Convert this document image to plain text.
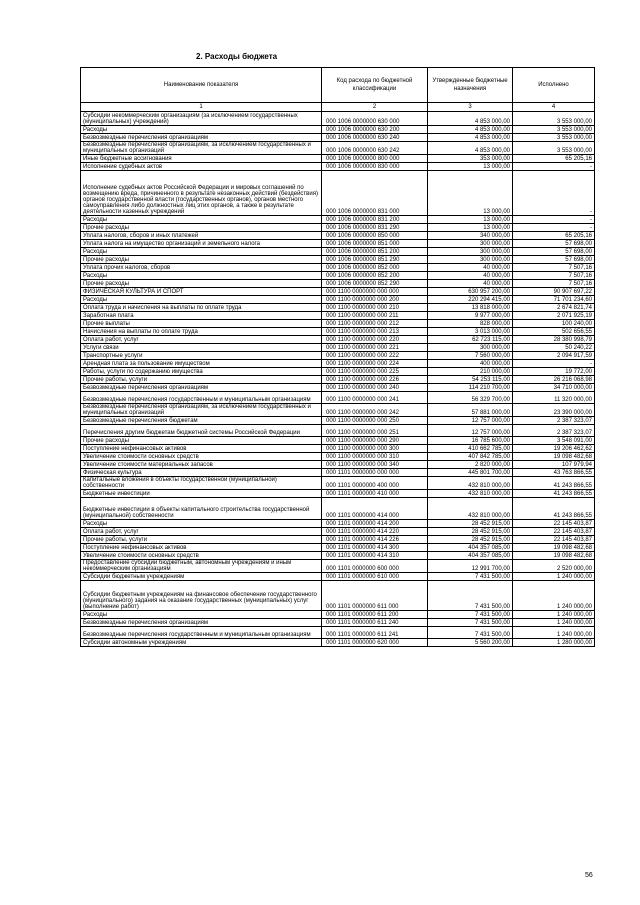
2. Расходы бюджета
Наименование показателя	Код расхода по бюджетной классификации	Утвержденные бюджетные назначения	Исполнено
1	2	3	4
Субсидии некоммерческим организациям (за исключением государственных (муниципальных) учреждений)	000 1006 0000000 630 000	4 853 000,00	3 553 000,00
Расходы	000 1006 0000000 630 200	4 853 000,00	3 553 000,00
Безвозмездные перечисления организациям	000 1006 0000000 630 240	4 853 000,00	3 553 000,00
Безвозмездные перечисления организациям, за исключением государственных и муниципальных организаций	000 1006 0000000 630 242	4 853 000,00	3 553 000,00
Иные бюджетные ассигнования	000 1006 0000000 800 000	353 000,00	65 205,16
Исполнение судебных актов	000 1006 0000000 830 000	13 000,00	-
Исполнение судебных актов Российской Федерации и мировых соглашений по возмещению вреда, причиненного в результате незаконных действий (бездействия) органов государственной власти (государственных органов), органов местного самоуправления либо должностных лиц этих органов, а также в результате деятельности казенных учреждений	000 1006 0000000 831 000	13 000,00	-
Расходы	000 1006 0000000 831 200	13 000,00	-
Прочие расходы	000 1006 0000000 831 290	13 000,00	-
Уплата налогов, сборов и иных платежей	000 1006 0000000 850 000	340 000,00	65 205,16
Уплата налога на имущество организаций и земельного налога	000 1006 0000000 851 000	300 000,00	57 698,00
Расходы	000 1006 0000000 851 200	300 000,00	57 698,00
Прочие расходы	000 1006 0000000 851 290	300 000,00	57 698,00
Уплата прочих налогов, сборов	000 1006 0000000 852 000	40 000,00	7 507,16
Расходы	000 1006 0000000 852 200	40 000,00	7 507,16
Прочие расходы	000 1006 0000000 852 290	40 000,00	7 507,16
ФИЗИЧЕСКАЯ КУЛЬТУРА И СПОРТ	000 1100 0000000 000 000	630 957 200,00	90 907 697,22
Расходы	000 1100 0000000 000 200	220 294 415,00	71 701 234,60
Оплата труда и начисления на выплаты по оплате труда	000 1100 0000000 000 210	13 818 000,00	2 674 821,74
Заработная плата	000 1100 0000000 000 211	9 977 000,00	2 071 925,19
Прочие выплаты	000 1100 0000000 000 212	828 000,00	100 240,00
Начисления на выплаты по оплате труда	000 1100 0000000 000 213	3 013 000,00	502 656,55
Оплата работ, услуг	000 1100 0000000 000 220	62 723 115,00	28 380 998,79
Услуги связи	000 1100 0000000 000 221	300 000,00	50 240,22
Транспортные услуги	000 1100 0000000 000 222	7 560 000,00	2 094 917,59
Арендная плата за пользование имуществом	000 1100 0000000 000 224	400 000,00	-
Работы, услуги по содержанию имущества	000 1100 0000000 000 225	210 000,00	19 772,00
Прочие работы, услуги	000 1100 0000000 000 226	54 253 115,00	26 216 068,98
Безвозмездные перечисления организациям	000 1100 0000000 000 240	114 210 700,00	34 710 000,00
Безвозмездные перечисления государственным и муниципальным организациям	000 1100 0000000 000 241	56 329 700,00	11 320 000,00
Безвозмездные перечисления организациям, за исключением государственных и муниципальных организаций	000 1100 0000000 000 242	57 881 000,00	23 390 000,00
Безвозмездные перечисления бюджетам	000 1100 0000000 000 250	12 757 000,00	2 387 323,07
Перечисления другим бюджетам бюджетной системы Российской Федерации	000 1100 0000000 000 251	12 757 000,00	2 387 323,07
Прочие расходы	000 1100 0000000 000 290	16 785 600,00	3 548 091,00
Поступление нефинансовых активов	000 1100 0000000 000 300	410 662 785,00	19 206 462,62
Увеличение стоимости основных средств	000 1100 0000000 000 310	407 842 785,00	19 098 482,68
Увеличение стоимости материальных запасов	000 1100 0000000 000 340	2 820 000,00	107 979,94
Физическая культура	000 1101 0000000 000 000	445 801 700,00	43 763 866,55
Капитальные вложения в объекты государственной (муниципальной) собственности	000 1101 0000000 400 000	432 810 000,00	41 243 866,55
Бюджетные инвестиции	000 1101 0000000 410 000	432 810 000,00	41 243 866,55
Бюджетные инвестиции в объекты капитального строительства государственной (муниципальной) собственности	000 1101 0000000 414 000	432 810 000,00	41 243 866,55
Расходы	000 1101 0000000 414 200	28 452 915,00	22 145 403,87
Оплата работ, услуг	000 1101 0000000 414 220	28 452 915,00	22 145 403,87
Прочие работы, услуги	000 1101 0000000 414 226	28 452 915,00	22 145 403,87
Поступление нефинансовых активов	000 1101 0000000 414 300	404 357 085,00	19 098 482,68
Увеличение стоимости основных средств	000 1101 0000000 414 310	404 357 085,00	19 098 482,68
Предоставление субсидий бюджетным, автономным учреждениям и иным некоммерческим организациям	000 1101 0000000 600 000	12 991 700,00	2 520 000,00
Субсидии бюджетным учреждениям	000 1101 0000000 610 000	7 431 500,00	1 240 000,00
Субсидии бюджетным учреждениям на финансовое обеспечение государственного (муниципального) задания на оказание государственных (муниципальных) услуг (выполнение работ)	000 1101 0000000 611 000	7 431 500,00	1 240 000,00
Расходы	000 1101 0000000 611 200	7 431 500,00	1 240 000,00
Безвозмездные перечисления организациям	000 1101 0000000 611 240	7 431 500,00	1 240 000,00
Безвозмездные перечисления государственным и муниципальным организациям	000 1101 0000000 611 241	7 431 500,00	1 240 000,00
Субсидии автономным учреждениям	000 1101 0000000 620 000	5 560 200,00	1 280 000,00
56
